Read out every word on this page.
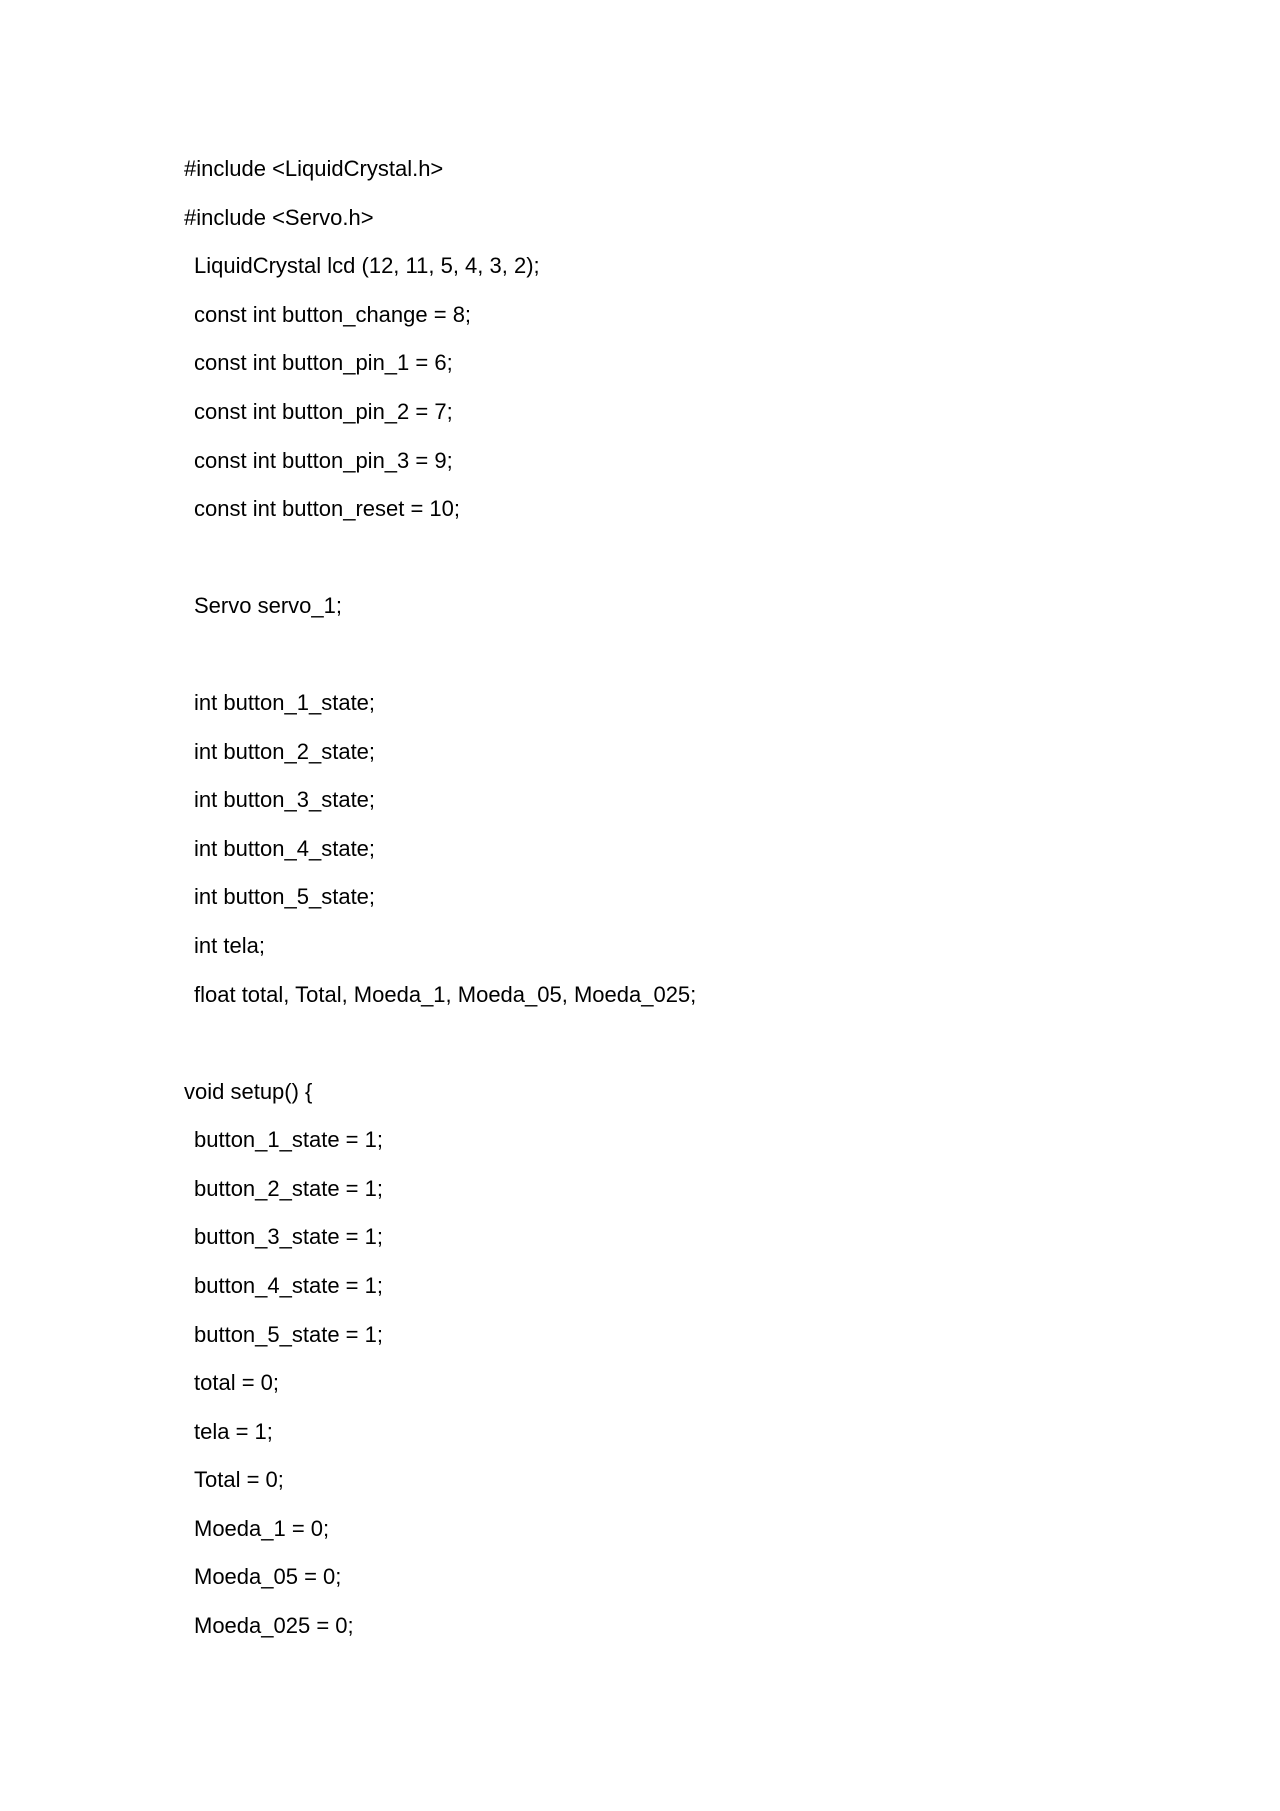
#include <LiquidCrystal.h>

#include <Servo.h>

LiquidCrystal lcd (12, 11, 5, 4, 3, 2);

const int button_change = 8;

const int button_pin_1 = 6;

const int button_pin_2 = 7;

const int button_pin_3 = 9;

const int button_reset = 10;

Servo servo_1;

int button_1_state;

int button_2_state;

int button_3_state;

int button_4_state;

int button_5_state;

int tela;

float total, Total, Moeda_1, Moeda_05, Moeda_025;

void setup() {

button_1_state = 1;

button_2_state = 1;

button_3_state = 1;

button_4_state = 1;

button_5_state = 1;

total = 0;

tela = 1;

Total = 0;

Moeda_1 = 0;

Moeda_05 = 0;

Moeda_025 = 0;
